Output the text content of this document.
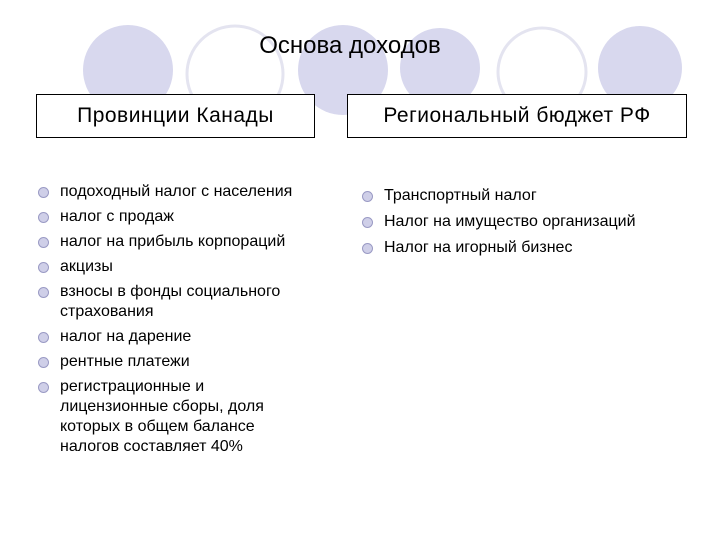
Основа доходов
Провинции Канады	Региональный бюджет РФ
подоходный налог с населения
налог с продаж
налог на прибыль корпораций
акцизы
взносы в фонды социального страхования
налог на дарение
рентные платежи
регистрационные и лицензионные сборы, доля которых в общем балансе налогов составляет 40%
Транспортный налог
Налог на имущество организаций
Налог на игорный бизнес
